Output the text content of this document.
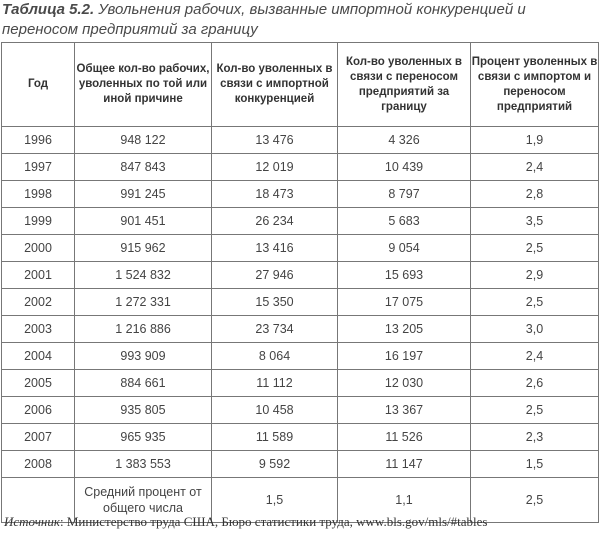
Таблица 5.2. Увольнения рабочих, вызванные импортной конкуренцией и переносом предприятий за границу
Год	Общее кол-во рабочих, уволенных по той или иной причине	Кол-во уволенных в связи с импортной конкуренцией	Кол-во уволенных в связи с переносом предприятий за границу	Процент уволенных в связи с импортом и переносом предприятий
1996	948 122	13 476	4 326	1,9
1997	847 843	12 019	10 439	2,4
1998	991 245	18 473	8 797	2,8
1999	901 451	26 234	5 683	3,5
2000	915 962	13 416	9 054	2,5
2001	1 524 832	27 946	15 693	2,9
2002	1 272 331	15 350	17 075	2,5
2003	1 216 886	23 734	13 205	3,0
2004	993 909	8 064	16 197	2,4
2005	884 661	11 112	12 030	2,6
2006	935 805	10 458	13 367	2,5
2007	965 935	11 589	11 526	2,3
2008	1 383 553	9 592	11 147	1,5
	Средний процент от общего числа	1,5	1,1	2,5
Источник: Министерство труда США, Бюро статистики труда, www.bls.gov/mls/#tables
